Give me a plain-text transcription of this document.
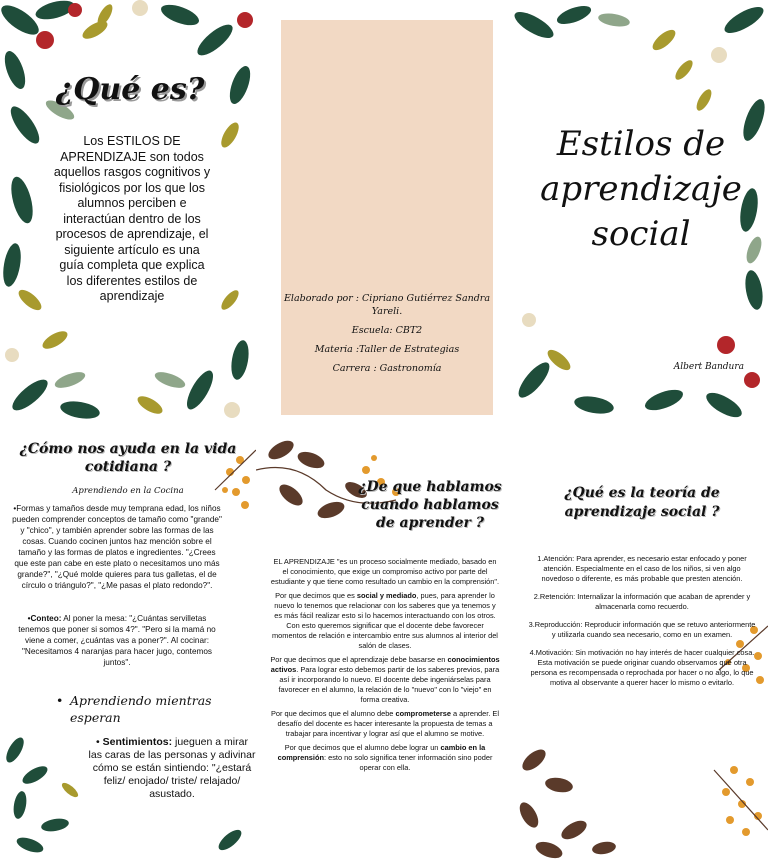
¿Qué es?
Los ESTILOS DE APRENDIZAJE son todos aquellos rasgos cognitivos y fisiológicos por los que los alumnos perciben e interactúan dentro de los procesos de aprendizaje, el siguiente artículo es una guía completa que explica los diferentes estilos de aprendizaje	Elaborado por : Cipriano Gutiérrez Sandra Yareli.
Escuela: CBT2
Materia :Taller de Estrategias
Carrera : Gastronomía
Estilos de
aprendizaje
social
Albert Bandura
¿Cómo nos ayuda en la vida cotidiana ?
Aprendiendo en la Cocina
•Formas y tamaños desde muy temprana edad, los niños pueden comprender conceptos de tamaño como "grande" y "chico", y también aprender sobre las formas de las cosas. Cuando cocinen juntos haz mención sobre el tamaño y las formas de platos e ingredientes. "¿Crees que este pan cabe en este plato o necesitamos uno más grande?", "¿Qué molde quieres para tus galletas, el de círculo o triángulo?", "¿Me pasas el plato redondo?".
•Conteo: Al poner la mesa: "¿Cuántas servilletas tenemos que poner si somos 4?". "Pero si la mamá no viene a comer, ¿cuántas vas a poner?". Al cocinar: "Necesitamos 4 naranjas para hacer jugo, contemos juntos".
• Aprendiendo mientras esperan
• Sentimientos: jueguen a mirar las caras de las personas y adivinar cómo se están sintiendo: "¿estará feliz/ enojado/ triste/ relajado/ asustado.
¿De que hablamos cuando hablamos de aprender ?
EL APRENDIZAJE "es un proceso socialmente mediado, basado en el conocimiento, que exige un compromiso activo por parte del estudiante y que tiene como resultado un cambio en la comprensión".
Por que decimos que es social y mediado, pues, para aprender lo nuevo lo tenemos que relacionar con los saberes que ya tenemos y es más fácil realizar esto si lo hacemos interactuando con los otros. Con esto queremos significar que el docente debe favorecer momentos de relación e intercambio entre sus alumnos al interior del salón de clases.
Por que decimos que el aprendizaje debe basarse en conocimientos activos. Para lograr esto debemos partir de los saberes previos, para así ir incorporando lo nuevo. El docente debe ingeniárselas para favorecer en el alumno, la relación de lo "nuevo" con lo "viejo" en forma creativa.
Por que decimos que el alumno debe comprometerse a aprender. El desafío del docente es hacer interesante la propuesta de temas a trabajar para incentivar y lograr así que el alumno se motive.
Por que decimos que el alumno debe lograr un cambio en la comprensión: esto no solo significa tener información sino poder operar con ella.
¿Qué es la teoría de aprendizaje social ?
1.Atención: Para aprender, es necesario estar enfocado y poner atención. Especialmente en el caso de los niños, si ven algo novedoso o diferente, es más probable que presten atención.
2.Retención: Internalizar la información que acaban de aprender y almacenarla como recuerdo.
3.Reproducción: Reproducir información que se retuvo anteriormente y utilizarla cuando sea necesario, como en un examen.
4.Motivación: Sin motivación no hay interés de hacer cualquier cosa. Esta motivación se puede originar cuando observamos que otra persona es recompensada o reprochada por hacer o no algo, lo que motiva al observante a querer hacer lo mismo o evitarlo.
